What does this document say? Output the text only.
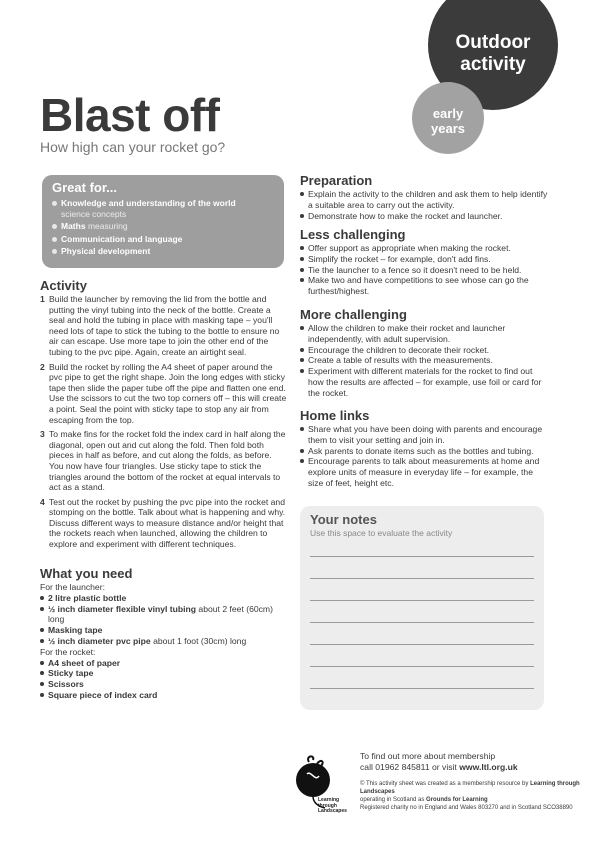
Outdoor
activity
early
years
Blast off

How high can your rocket go?

Great for...
Knowledge and understanding of the world
science concepts
Maths measuring
Communication and language
Physical development
Activity
1 Build the launcher by removing the lid from the bottle and putting the vinyl tubing into the neck of the bottle. Create a seal and hold the tubing in place with masking tape – you'll need lots of tape to stick the tubing to the bottle to ensure no air can escape. Use more tape to join the other end of the tubing to the pvc pipe. Again, create an airtight seal.
2 Build the rocket by rolling the A4 sheet of paper around the pvc pipe to get the right shape. Join the long edges with sticky tape then slide the paper tube off the pipe and flatten one end. Use the scissors to cut the two top corners off – this will create a point. Seal the point with sticky tape to stop any air from escaping from the top.
3 To make fins for the rocket fold the index card in half along the diagonal, open out and cut along the fold. Then fold both pieces in half as before, and cut along the folds, as before. You now have four triangles. Use sticky tape to stick the triangles around the bottom of the rocket at equal intervals to act as a stand.
4 Test out the rocket by pushing the pvc pipe into the rocket and stomping on the bottle. Talk about what is happening and why. Discuss different ways to measure distance and/or height that the rockets reach when launched, allowing the children to explore and experiment with different techniques.
What you need
For the launcher:
2 litre plastic bottle
½ inch diameter flexible vinyl tubing about 2 feet (60cm) long
Masking tape
½ inch diameter pvc pipe about 1 foot (30cm) long
For the rocket:
A4 sheet of paper
Sticky tape
Scissors
Square piece of index card
Preparation
Explain the activity to the children and ask them to help identify a suitable area to carry out the activity.
Demonstrate how to make the rocket and launcher.
Less challenging
Offer support as appropriate when making the rocket.
Simplify the rocket – for example, don't add fins.
Tie the launcher to a fence so it doesn't need to be held.
Make two and have competitions to see whose can go the furthest/highest.
More challenging
Allow the children to make their rocket and launcher independently, with adult supervision.
Encourage the children to decorate their rocket.
Create a table of results with the measurements.
Experiment with different materials for the rocket to find out how the results are affected – for example, use foil or card for the rocket.
Home links
Share what you have been doing with parents and encourage them to visit your setting and join in.
Ask parents to donate items such as the bottles and tubing.
Encourage parents to talk about measurements at home and explore units of measure in everyday life – for example, the size of feet, height etc.
Your notes

Use this space to evaluate the activity

Learning
through
Landscapes
To find out more about membership
call 01962 845811 or visit www.ltl.org.uk
© This activity sheet was created as a membership resource by Learning through Landscapes
operating in Scotland as Grounds for Learning
Registered charity no in England and Wales 803270 and in Scotland SCO38890
